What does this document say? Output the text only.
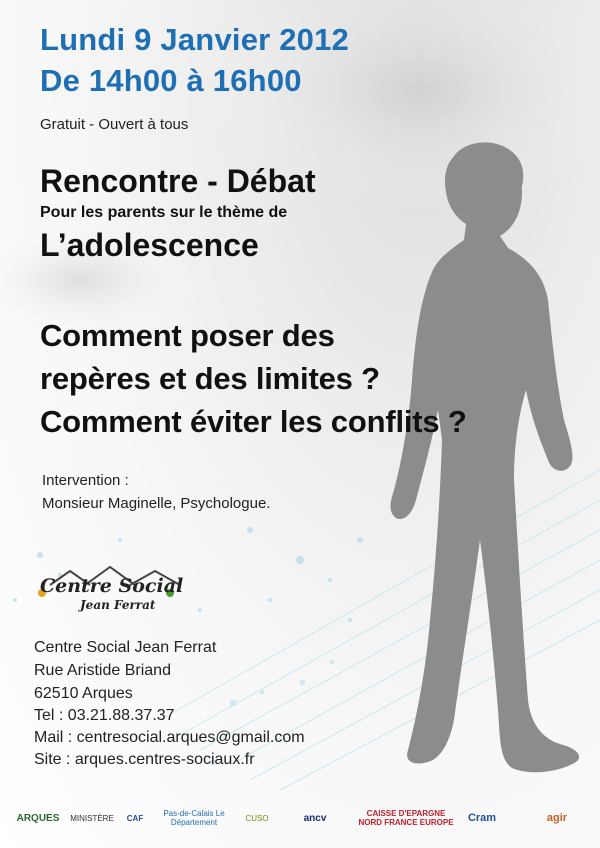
Lundi 9 Janvier 2012
De 14h00 à 16h00
Gratuit - Ouvert à tous
Rencontre - Débat
Pour les parents sur le thème de
L’adolescence
Comment poser des
repères et des limites ?
Comment éviter les conflits ?
Intervention :
Monsieur Maginelle, Psychologue.
Centre Social
Jean Ferrat
Centre Social Jean Ferrat
Rue Aristide Briand
62510 Arques
Tel : 03.21.88.37.37
Mail : centresocial.arques@gmail.com
Site : arques.centres-sociaux.fr
ARQUES	MINISTÈRE	CAF	Pas-de-Calais Le Département	CUSO	ancv	CAISSE D'EPARGNE NORD FRANCE EUROPE	Cram	agir
